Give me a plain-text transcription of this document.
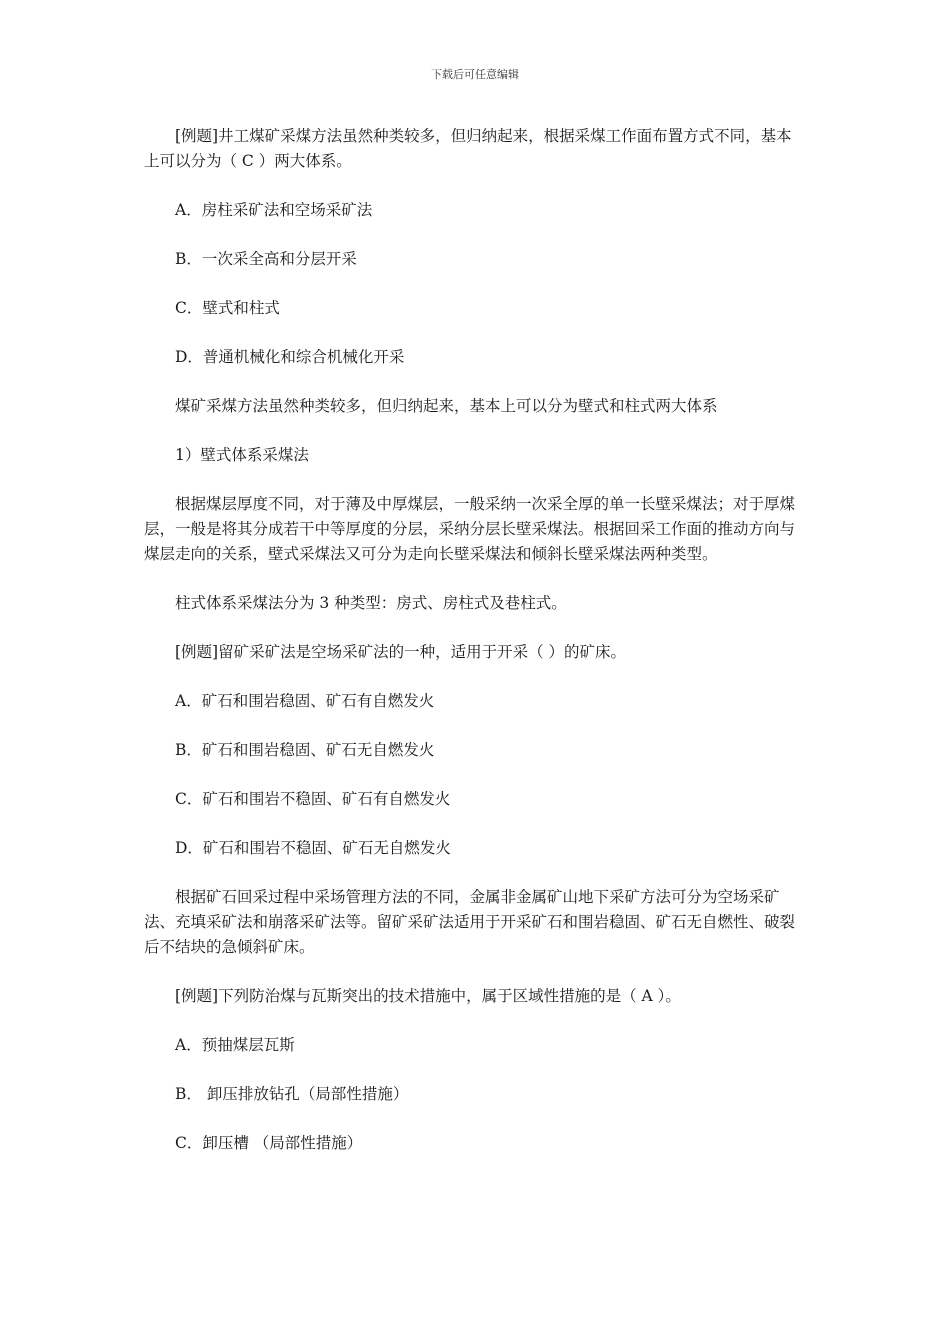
下载后可任意编辑

[例题]井工煤矿采煤方法虽然种类较多，但归纳起来，根据采煤工作面布置方式不同，基本上可以分为（ C ）两大体系。

A．房柱采矿法和空场采矿法

B．一次采全高和分层开采

C．壁式和柱式

D．普通机械化和综合机械化开采

煤矿采煤方法虽然种类较多，但归纳起来，基本上可以分为壁式和柱式两大体系

1）壁式体系采煤法

根据煤层厚度不同，对于薄及中厚煤层，一般采纳一次采全厚的单一长壁采煤法；对于厚煤层，一般是将其分成若干中等厚度的分层，采纳分层长壁采煤法。根据回采工作面的推动方向与煤层走向的关系，壁式采煤法又可分为走向长壁采煤法和倾斜长壁采煤法两种类型。

柱式体系采煤法分为 3 种类型：房式、房柱式及巷柱式。

[例题]留矿采矿法是空场采矿法的一种，适用于开采（ ）的矿床。

A．矿石和围岩稳固、矿石有自燃发火

B．矿石和围岩稳固、矿石无自燃发火

C．矿石和围岩不稳固、矿石有自燃发火

D．矿石和围岩不稳固、矿石无自燃发火

根据矿石回采过程中采场管理方法的不同，金属非金属矿山地下采矿方法可分为空场采矿法、充填采矿法和崩落采矿法等。留矿采矿法适用于开采矿石和围岩稳固、矿石无自燃性、破裂后不结块的急倾斜矿床。

[例题]下列防治煤与瓦斯突出的技术措施中，属于区域性措施的是（ A ）。

A．预抽煤层瓦斯

B． 卸压排放钻孔（局部性措施）

C．卸压槽 （局部性措施）
